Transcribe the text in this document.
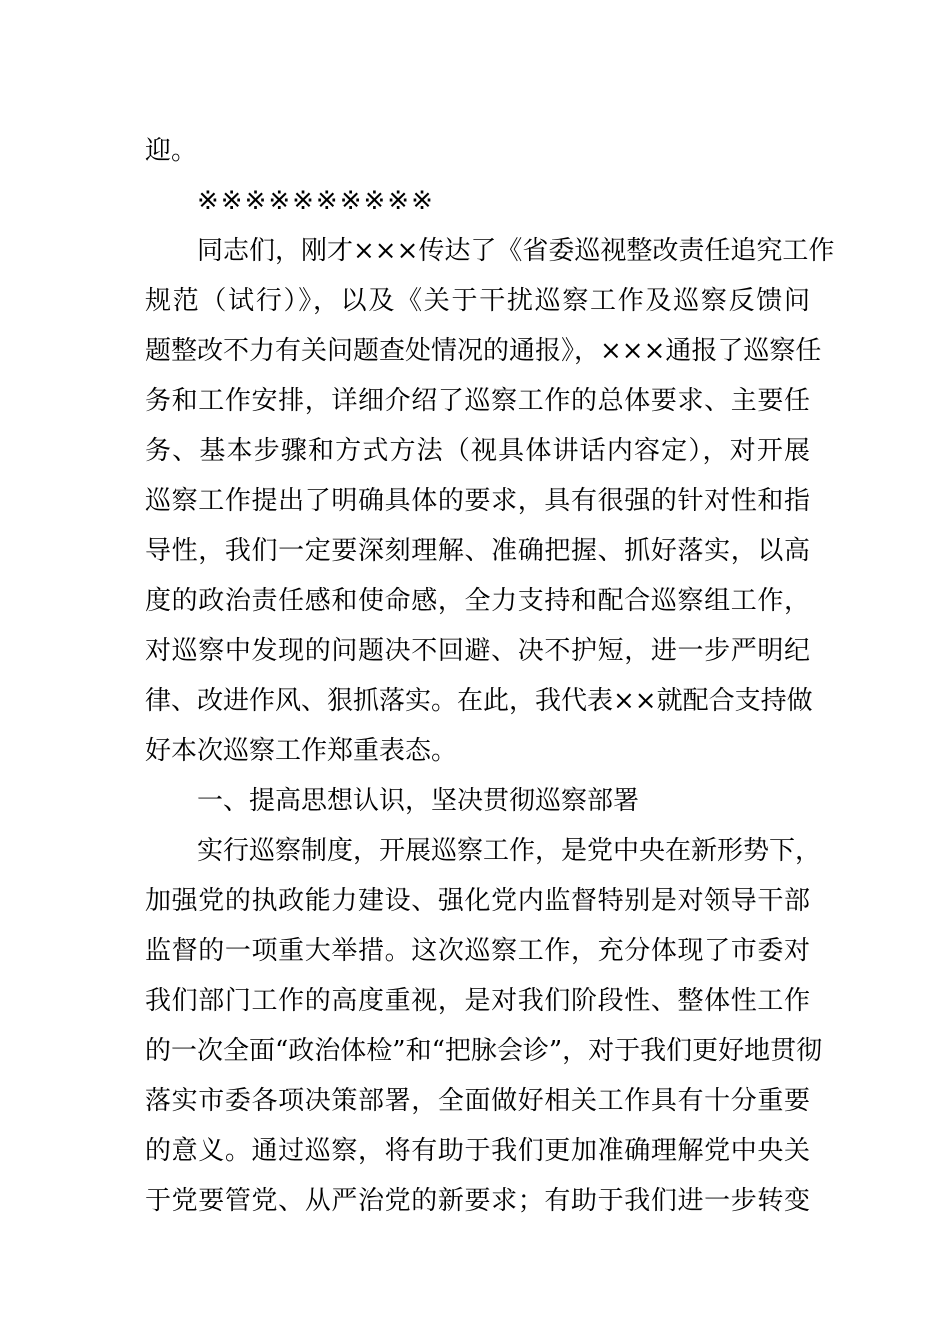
迎。
※※※※※※※※※※
同志们，刚才×××传达了《省委巡视整改责任追究工作
规范（试行）》，以及《关于干扰巡察工作及巡察反馈问
题整改不力有关问题查处情况的通报》，×××通报了巡察任
务和工作安排，详细介绍了巡察工作的总体要求、主要任
务、基本步骤和方式方法（视具体讲话内容定），对开展
巡察工作提出了明确具体的要求，具有很强的针对性和指
导性，我们一定要深刻理解、准确把握、抓好落实，以高
度的政治责任感和使命感，全力支持和配合巡察组工作，
对巡察中发现的问题决不回避、决不护短，进一步严明纪
律、改进作风、狠抓落实。在此，我代表××就配合支持做
好本次巡察工作郑重表态。
一、提高思想认识，坚决贯彻巡察部署
实行巡察制度，开展巡察工作，是党中央在新形势下，
加强党的执政能力建设、强化党内监督特别是对领导干部
监督的一项重大举措。这次巡察工作，充分体现了市委对
我们部门工作的高度重视，是对我们阶段性、整体性工作
的一次全面“政治体检”和“把脉会诊”，对于我们更好地贯彻
落实市委各项决策部署，全面做好相关工作具有十分重要
的意义。通过巡察，将有助于我们更加准确理解党中央关
于党要管党、从严治党的新要求；有助于我们进一步转变
